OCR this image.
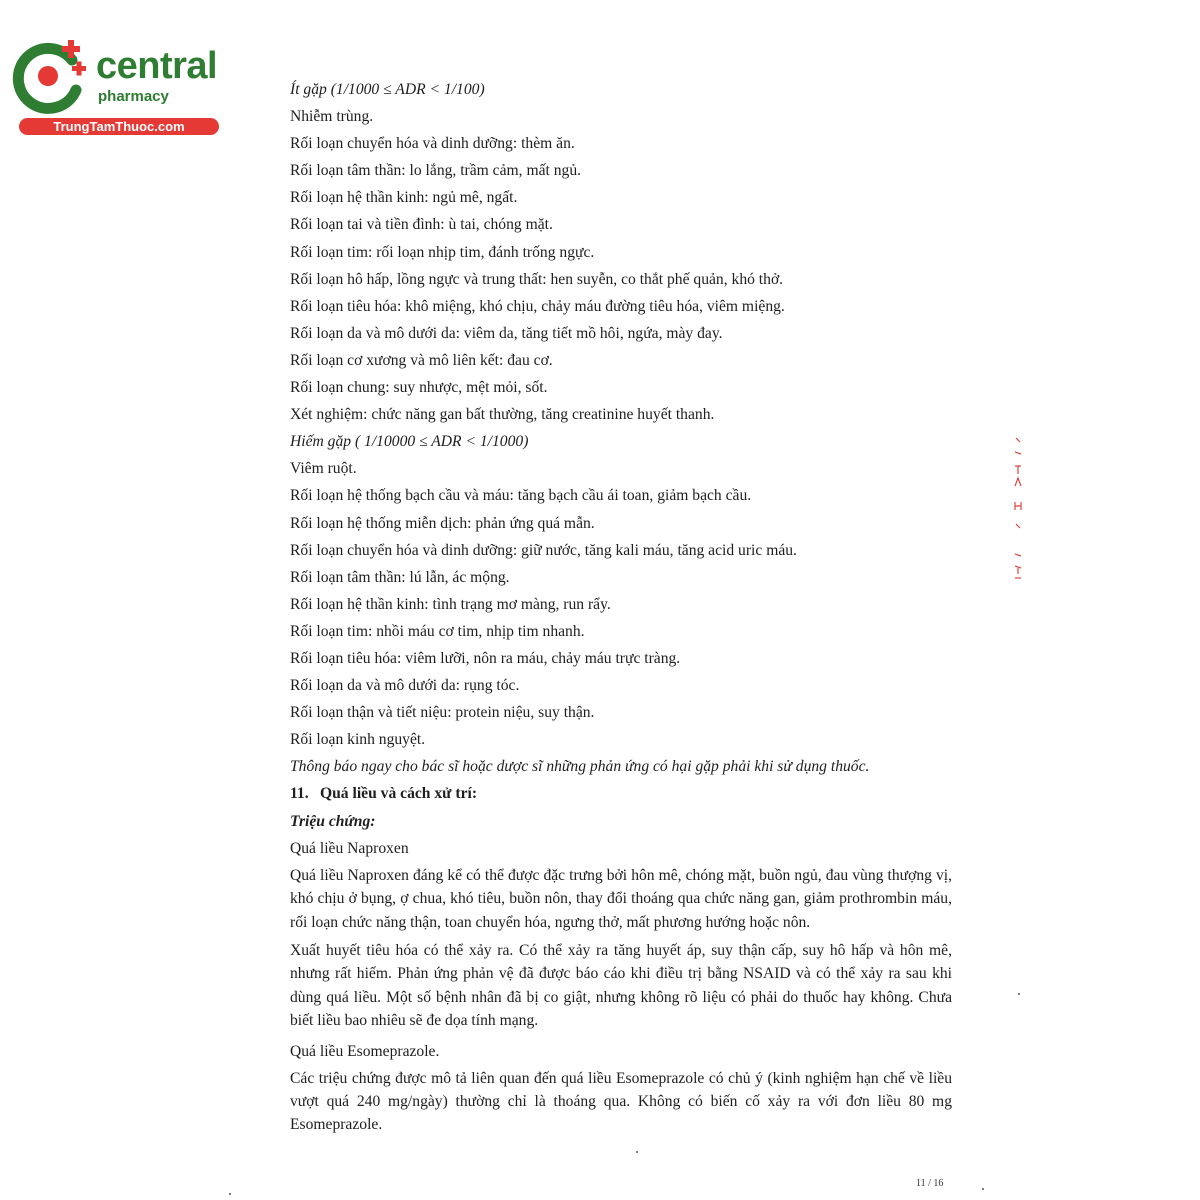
central
pharmacy
TrungTamThuoc.com
Ít gặp (1/1000 ≤ ADR < 1/100)
Nhiễm trùng.
Rối loạn chuyển hóa và dinh dưỡng: thèm ăn.
Rối loạn tâm thần: lo lắng, trầm cảm, mất ngủ.
Rối loạn hệ thần kinh: ngủ mê, ngất.
Rối loạn tai và tiền đình: ù tai, chóng mặt.
Rối loạn tim: rối loạn nhịp tim, đánh trống ngực.
Rối loạn hô hấp, lồng ngực và trung thất: hen suyễn, co thắt phế quản, khó thở.
Rối loạn tiêu hóa: khô miệng, khó chịu, chảy máu đường tiêu hóa, viêm miệng.
Rối loạn da và mô dưới da: viêm da, tăng tiết mồ hôi, ngứa, mày đay.
Rối loạn cơ xương và mô liên kết: đau cơ.
Rối loạn chung: suy nhược, mệt mỏi, sốt.
Xét nghiệm: chức năng gan bất thường, tăng creatinine huyết thanh.
Hiếm gặp ( 1/10000 ≤ ADR < 1/1000)
Viêm ruột.
Rối loạn hệ thống bạch cầu và máu: tăng bạch cầu ái toan, giảm bạch cầu.
Rối loạn hệ thống miễn dịch: phản ứng quá mẫn.
Rối loạn chuyển hóa và dinh dưỡng: giữ nước, tăng kali máu, tăng acid uric máu.
Rối loạn tâm thần: lú lẫn, ác mộng.
Rối loạn hệ thần kinh: tình trạng mơ màng, run rẩy.
Rối loạn tim: nhồi máu cơ tim, nhịp tim nhanh.
Rối loạn tiêu hóa: viêm lưỡi, nôn ra máu, chảy máu trực tràng.
Rối loạn da và mô dưới da: rụng tóc.
Rối loạn thận và tiết niệu: protein niệu, suy thận.
Rối loạn kinh nguyệt.
Thông báo ngay cho bác sĩ hoặc dược sĩ những phản ứng có hại gặp phải khi sử dụng thuốc.
11. Quá liều và cách xử trí:
Triệu chứng:
Quá liều Naproxen
Quá liều Naproxen đáng kể có thể được đặc trưng bởi hôn mê, chóng mặt, buồn ngủ, đau vùng thượng vị, khó chịu ở bụng, ợ chua, khó tiêu, buồn nôn, thay đổi thoáng qua chức năng gan, giảm prothrombin máu, rối loạn chức năng thận, toan chuyển hóa, ngưng thở, mất phương hướng hoặc nôn.
Xuất huyết tiêu hóa có thể xảy ra. Có thể xảy ra tăng huyết áp, suy thận cấp, suy hô hấp và hôn mê, nhưng rất hiếm. Phản ứng phản vệ đã được báo cáo khi điều trị bằng NSAID và có thể xảy ra sau khi dùng quá liều. Một số bệnh nhân đã bị co giật, nhưng không rõ liệu có phải do thuốc hay không. Chưa biết liều bao nhiêu sẽ đe dọa tính mạng.
Quá liều Esomeprazole.
Các triệu chứng được mô tả liên quan đến quá liều Esomeprazole có chủ ý (kinh nghiệm hạn chế về liều vượt quá 240 mg/ngày) thường chỉ là thoáng qua. Không có biến cố xảy ra với đơn liều 80 mg Esomeprazole.
11 / 16
